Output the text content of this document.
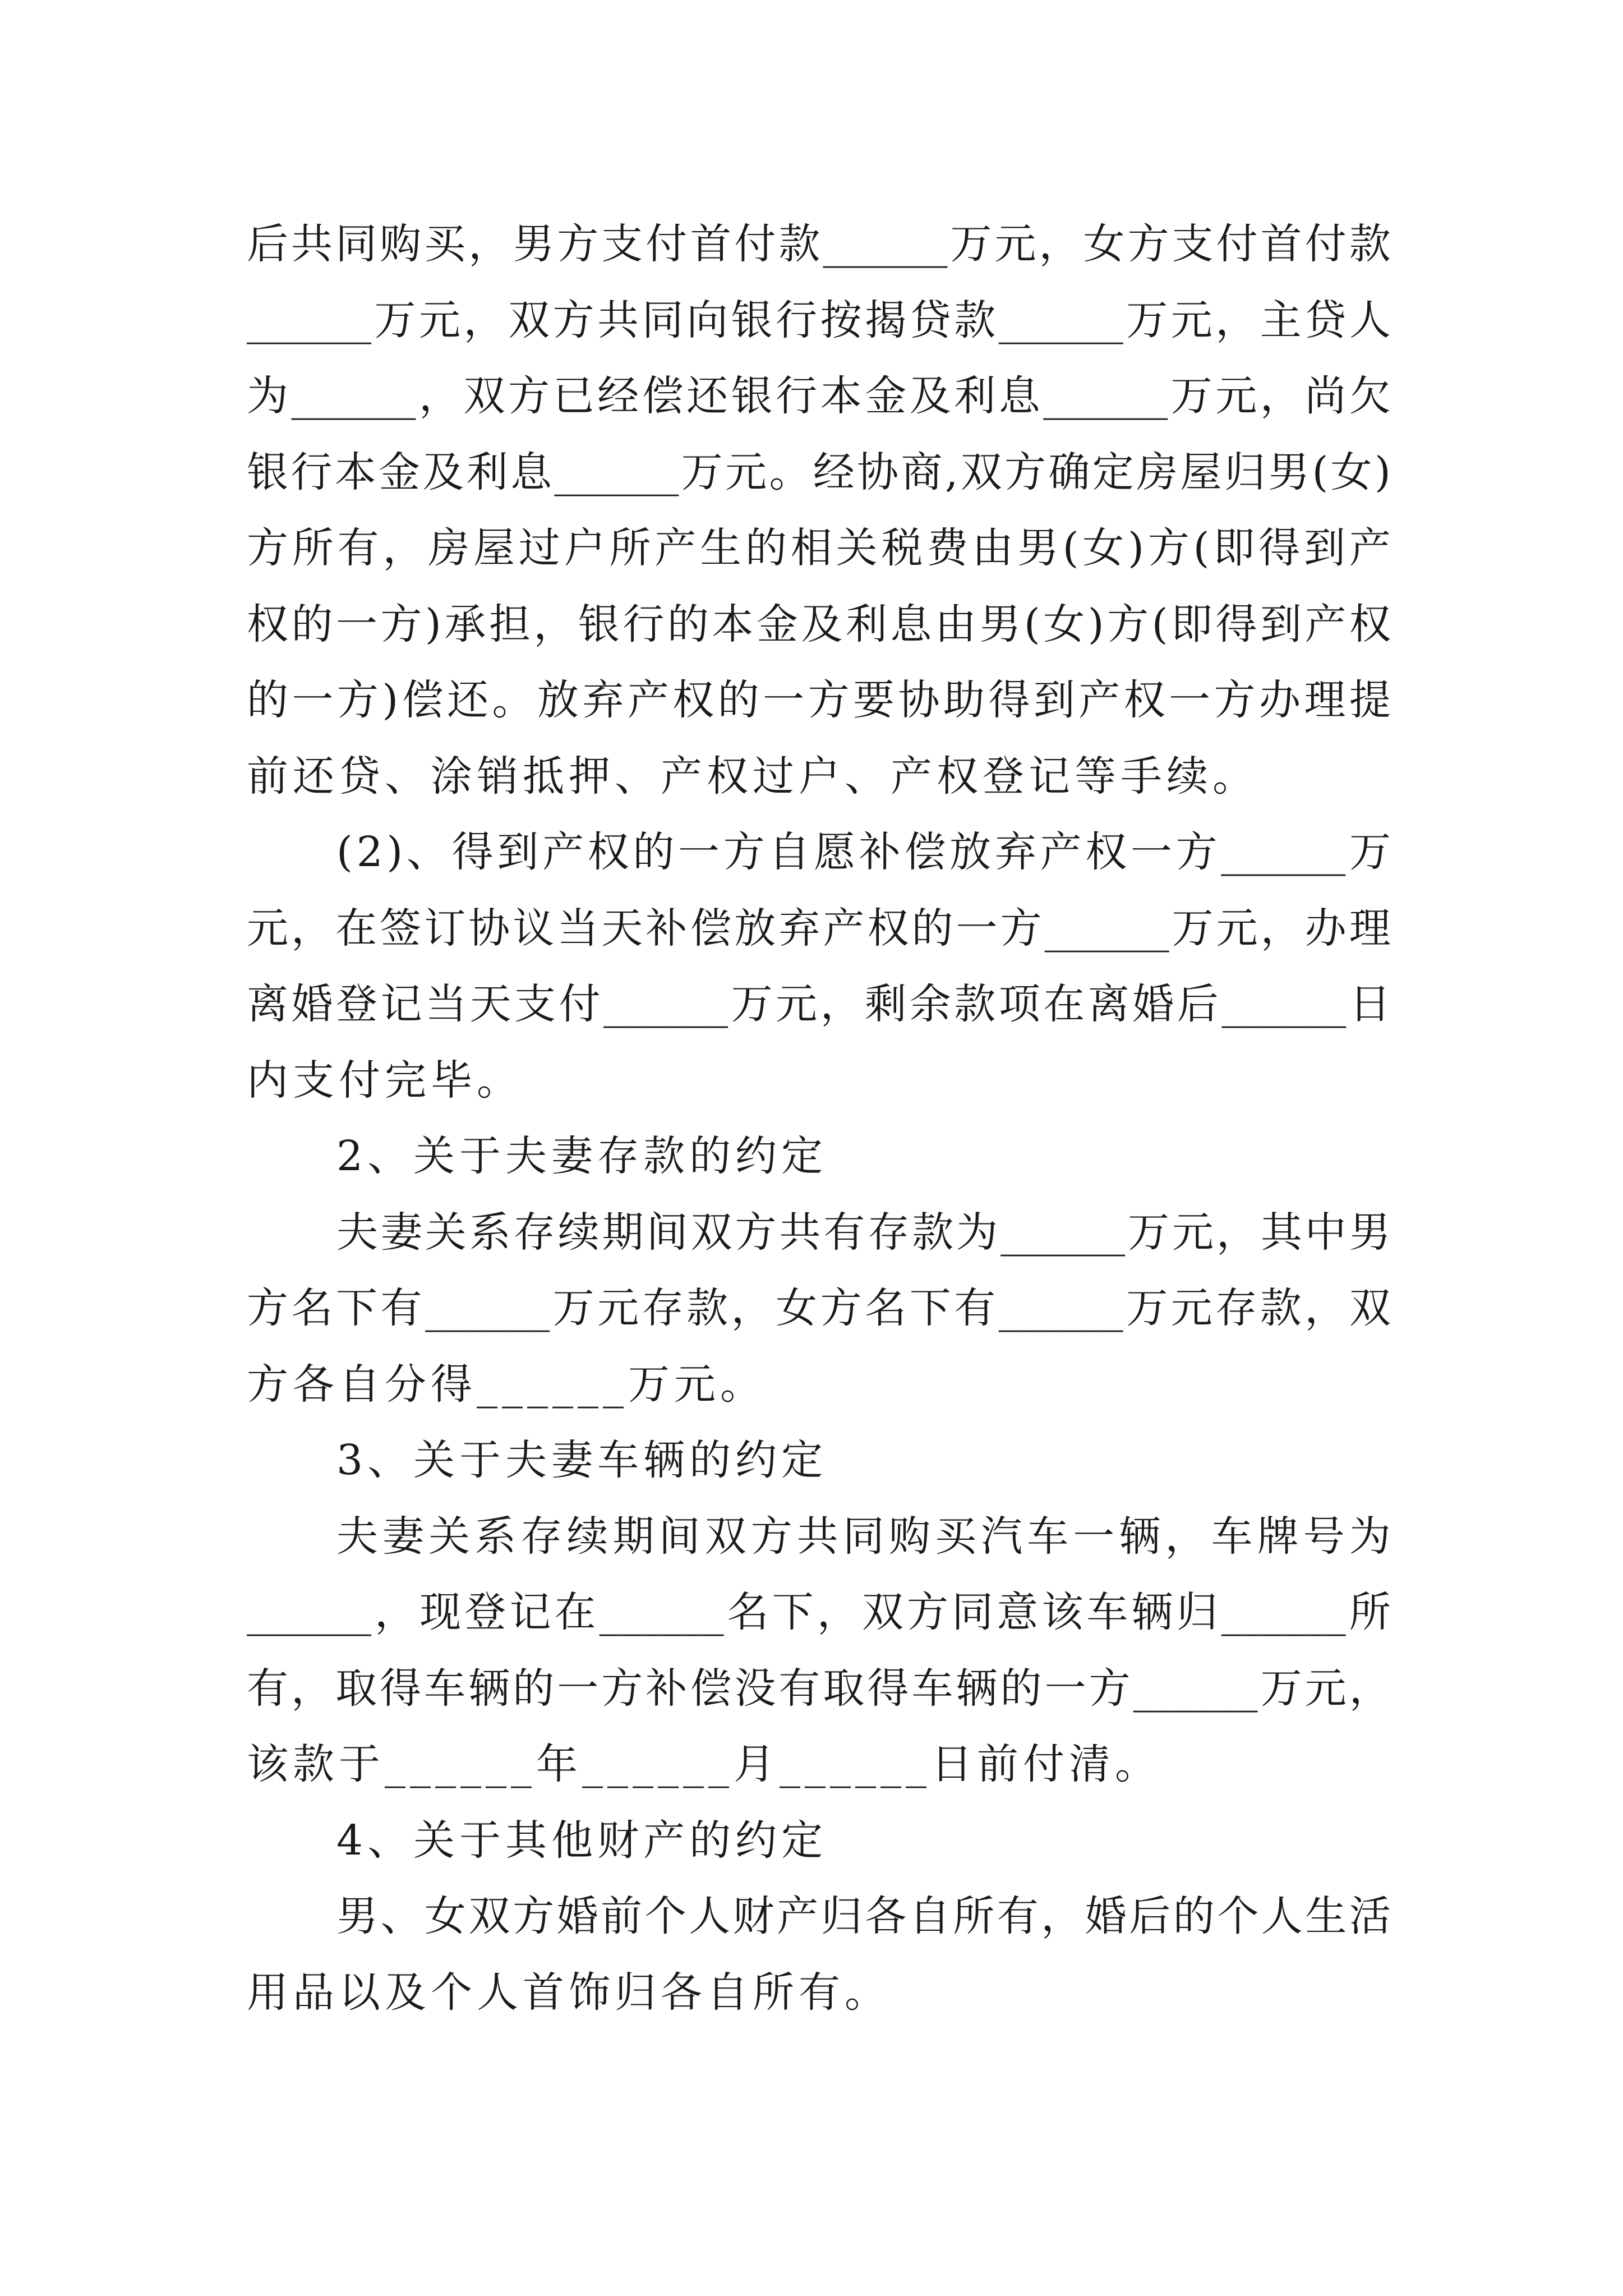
后 共 同 购 买 ， 男 方 支 付 首 付 款 ______ 万 元 ， 女 方 支 付 首 付 款
______ 万 元 ， 双 方 共 同 向 银 行 按 揭 贷 款 ______ 万 元 ， 主 贷 人
为 ______ ， 双 方 已 经 偿 还 银 行 本 金 及 利 息 ______ 万 元 ， 尚 欠
银 行 本 金 及 利 息 ______ 万 元 。 经 协 商 , 双 方 确 定 房 屋 归 男 ( 女 )
方 所 有 ， 房 屋 过 户 所 产 生 的 相 关 税 费 由 男 ( 女 ) 方 ( 即 得 到 产
权 的 一 方 ) 承 担 ， 银 行 的 本 金 及 利 息 由 男 ( 女 ) 方 ( 即 得 到 产 权
的 一 方 ) 偿 还 。 放 弃 产 权 的 一 方 要 协 助 得 到 产 权 一 方 办 理 提
前 还 贷 、 涂 销 抵 押 、 产 权 过 户 、 产 权 登 记 等 手 续 。
( 2 ) 、 得 到 产 权 的 一 方 自 愿 补 偿 放 弃 产 权 一 方 ______ 万
元 ， 在 签 订 协 议 当 天 补 偿 放 弃 产 权 的 一 方 ______ 万 元 ， 办 理
离 婚 登 记 当 天 支 付 ______ 万 元 ， 剩 余 款 项 在 离 婚 后 ______ 日
内 支 付 完 毕 。
2 、 关 于 夫 妻 存 款 的 约 定
夫 妻 关 系 存 续 期 间 双 方 共 有 存 款 为 ______ 万 元 ， 其 中 男
方 名 下 有 ______ 万 元 存 款 ， 女 方 名 下 有 ______ 万 元 存 款 ， 双
方 各 自 分 得 ______ 万 元 。
3 、 关 于 夫 妻 车 辆 的 约 定
夫 妻 关 系 存 续 期 间 双 方 共 同 购 买 汽 车 一 辆 ， 车 牌 号 为
______ ， 现 登 记 在 ______ 名 下 ， 双 方 同 意 该 车 辆 归 ______ 所
有 ， 取 得 车 辆 的 一 方 补 偿 没 有 取 得 车 辆 的 一 方 ______ 万 元 ，
该 款 于 ______ 年 ______ 月 ______ 日 前 付 清 。
4 、 关 于 其 他 财 产 的 约 定
男 、 女 双 方 婚 前 个 人 财 产 归 各 自 所 有 ， 婚 后 的 个 人 生 活
用 品 以 及 个 人 首 饰 归 各 自 所 有 。
